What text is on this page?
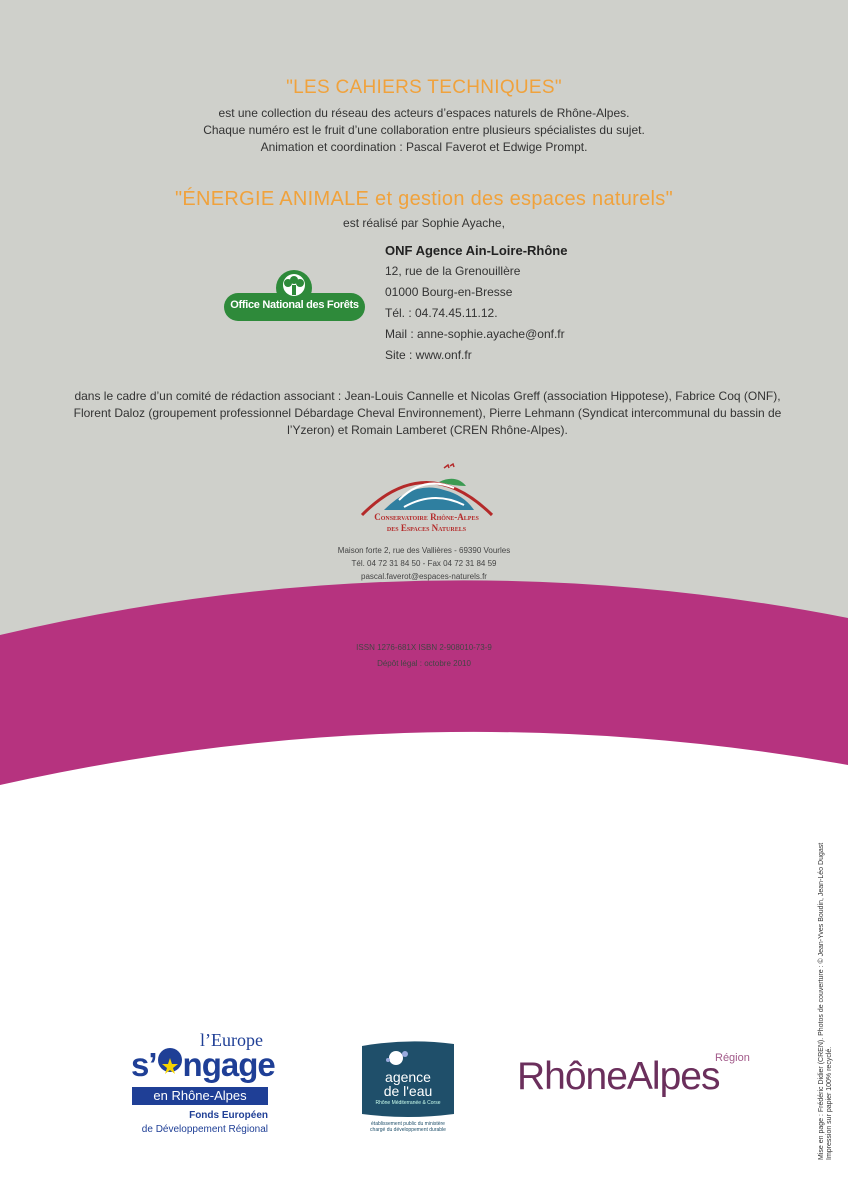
"LES CAHIERS TECHNIQUES"
est une collection du réseau des acteurs d’espaces naturels de Rhône-Alpes.
Chaque numéro est le fruit d’une collaboration entre plusieurs spécialistes du sujet.
Animation et coordination : Pascal Faverot et Edwige Prompt.
"ÉNERGIE ANIMALE et gestion des espaces naturels"
est réalisé par Sophie Ayache,
Office National des Forêts
ONF Agence Ain-Loire-Rhône
12, rue de la Grenouillère
01000 Bourg-en-Bresse
Tél. : 04.74.45.11.12.
Mail : anne-sophie.ayache@onf.fr
Site : www.onf.fr
dans le cadre d’un comité de rédaction associant : Jean-Louis Cannelle et Nicolas Greff (association Hippotese), Fabrice Coq (ONF), Florent Daloz (groupement professionnel Débardage Cheval Environnement), Pierre Lehmann (Syndicat intercommunal du bassin de l’Yzeron) et Romain Lamberet (CREN Rhône-Alpes).
Conservatoire Rhône-Alpes
des Espaces Naturels
Maison forte 2, rue des Vallières - 69390 Vourles
Tél. 04 72 31 84 50 - Fax 04 72 31 84 59
pascal.faverot@espaces-naturels.fr
ISSN 1276-681X ISBN 2-908010-73-9
Dépôt légal : octobre 2010
l’Europe
s’ ngage
en Rhône-Alpes
Fonds Européen
de Développement Régional
agence
de l'eau
Rhône Méditerranée & Corse
établissement public du ministère
chargé du développement durable
RhôneAlpes
Région	Mise en page : Frédéric Didier (CREN). Photos de couverture : © Jean-Yves Boudin, Jean-Léo Dugast Impression sur papier 100% recyclé.
